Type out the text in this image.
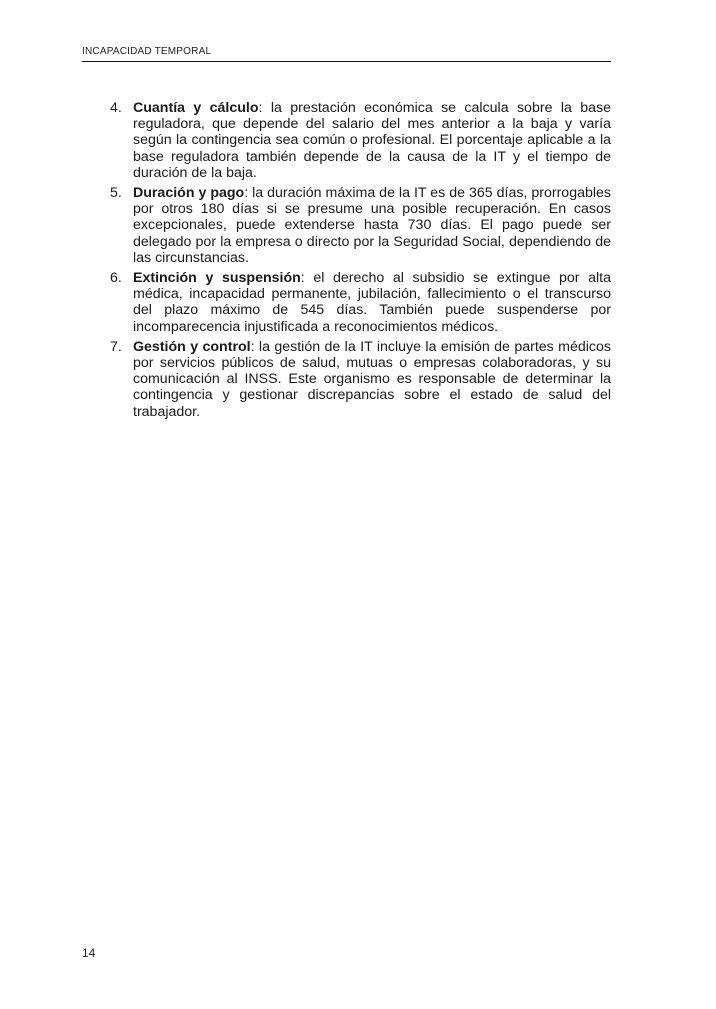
INCAPACIDAD TEMPORAL
4. Cuantía y cálculo: la prestación económica se calcula sobre la base reguladora, que depende del salario del mes anterior a la baja y varía según la contingencia sea común o profesional. El porcentaje aplicable a la base reguladora también depende de la causa de la IT y el tiempo de duración de la baja.
5. Duración y pago: la duración máxima de la IT es de 365 días, prorrogables por otros 180 días si se presume una posible recuperación. En casos excepcionales, puede extenderse hasta 730 días. El pago puede ser delegado por la empresa o directo por la Seguridad Social, dependiendo de las circunstancias.
6. Extinción y suspensión: el derecho al subsidio se extingue por alta médica, incapacidad permanente, jubilación, fallecimiento o el transcurso del plazo máximo de 545 días. También puede suspenderse por incomparecencia injustificada a reconocimientos médicos.
7. Gestión y control: la gestión de la IT incluye la emisión de partes médicos por servicios públicos de salud, mutuas o empresas colaboradoras, y su comunicación al INSS. Este organismo es responsable de determinar la contingencia y gestionar discrepancias sobre el estado de salud del trabajador.
14
